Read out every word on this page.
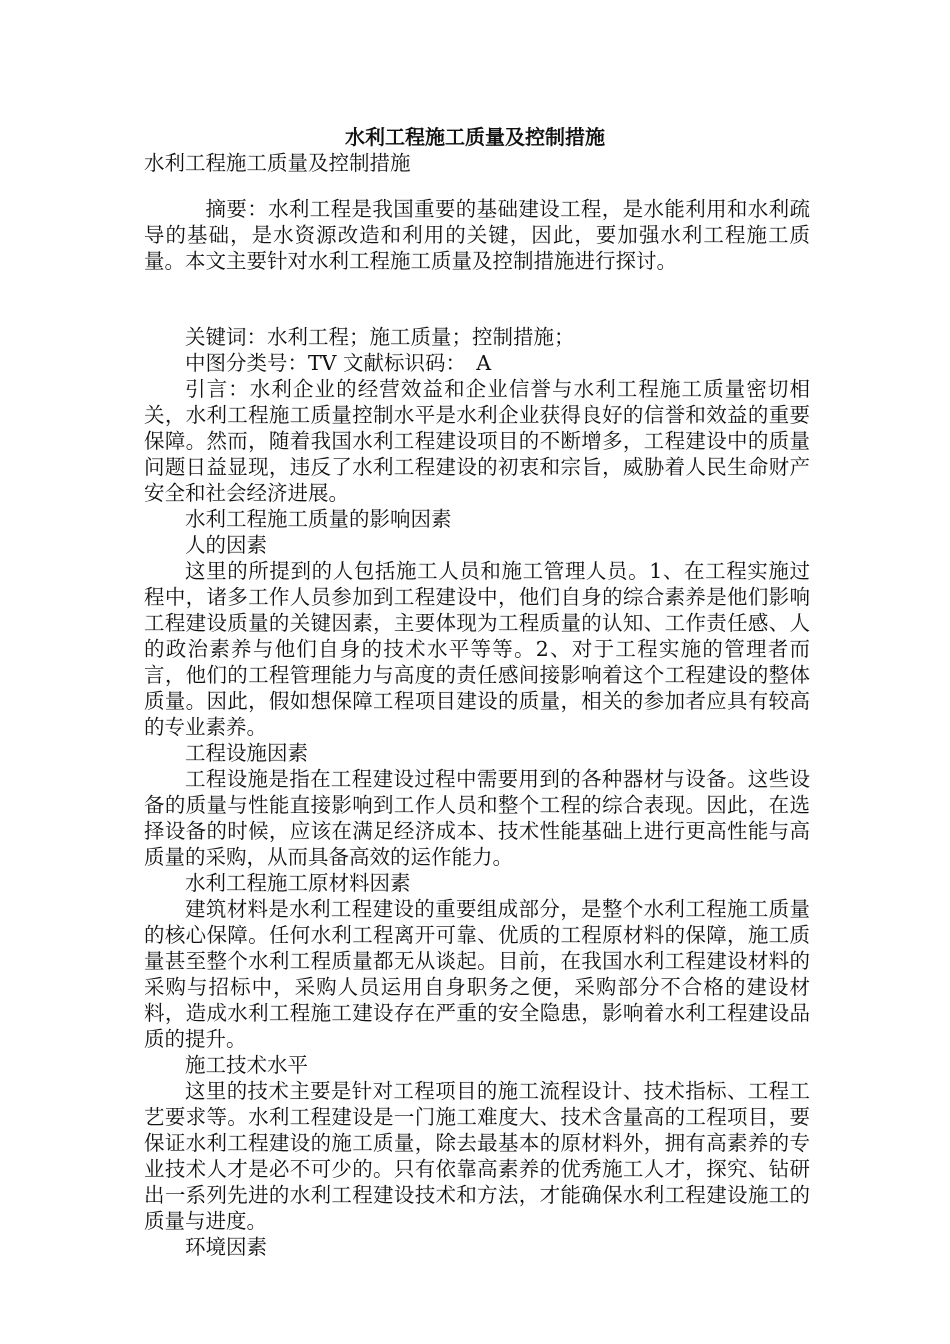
水利工程施工质量及控制措施

水利工程施工质量及控制措施

摘要：水利工程是我国重要的基础建设工程，是水能利用和水利疏导的基础，是水资源改造和利用的关键，因此，要加强水利工程施工质量。本文主要针对水利工程施工质量及控制措施进行探讨。

关键词：水利工程；施工质量；控制措施；

中图分类号：TV 文献标识码：　A

引言：水利企业的经营效益和企业信誉与水利工程施工质量密切相关，水利工程施工质量控制水平是水利企业获得良好的信誉和效益的重要保障。然而，随着我国水利工程建设项目的不断增多，工程建设中的质量问题日益显现，违反了水利工程建设的初衷和宗旨，威胁着人民生命财产安全和社会经济进展。

水利工程施工质量的影响因素

人的因素

这里的所提到的人包括施工人员和施工管理人员。1、在工程实施过程中，诸多工作人员参加到工程建设中，他们自身的综合素养是他们影响工程建设质量的关键因素，主要体现为工程质量的认知、工作责任感、人的政治素养与他们自身的技术水平等等。2、对于工程实施的管理者而言，他们的工程管理能力与高度的责任感间接影响着这个工程建设的整体质量。因此，假如想保障工程项目建设的质量，相关的参加者应具有较高的专业素养。

工程设施因素

工程设施是指在工程建设过程中需要用到的各种器材与设备。这些设备的质量与性能直接影响到工作人员和整个工程的综合表现。因此，在选择设备的时候，应该在满足经济成本、技术性能基础上进行更高性能与高质量的采购，从而具备高效的运作能力。

水利工程施工原材料因素

建筑材料是水利工程建设的重要组成部分，是整个水利工程施工质量的核心保障。任何水利工程离开可靠、优质的工程原材料的保障，施工质量甚至整个水利工程质量都无从谈起。目前，在我国水利工程建设材料的采购与招标中，采购人员运用自身职务之便，采购部分不合格的建设材料，造成水利工程施工建设存在严重的安全隐患，影响着水利工程建设品质的提升。

施工技术水平

这里的技术主要是针对工程项目的施工流程设计、技术指标、工程工艺要求等。水利工程建设是一门施工难度大、技术含量高的工程项目，要保证水利工程建设的施工质量，除去最基本的原材料外，拥有高素养的专业技术人才是必不可少的。只有依靠高素养的优秀施工人才，探究、钻研出一系列先进的水利工程建设技术和方法，才能确保水利工程建设施工的质量与进度。

环境因素
